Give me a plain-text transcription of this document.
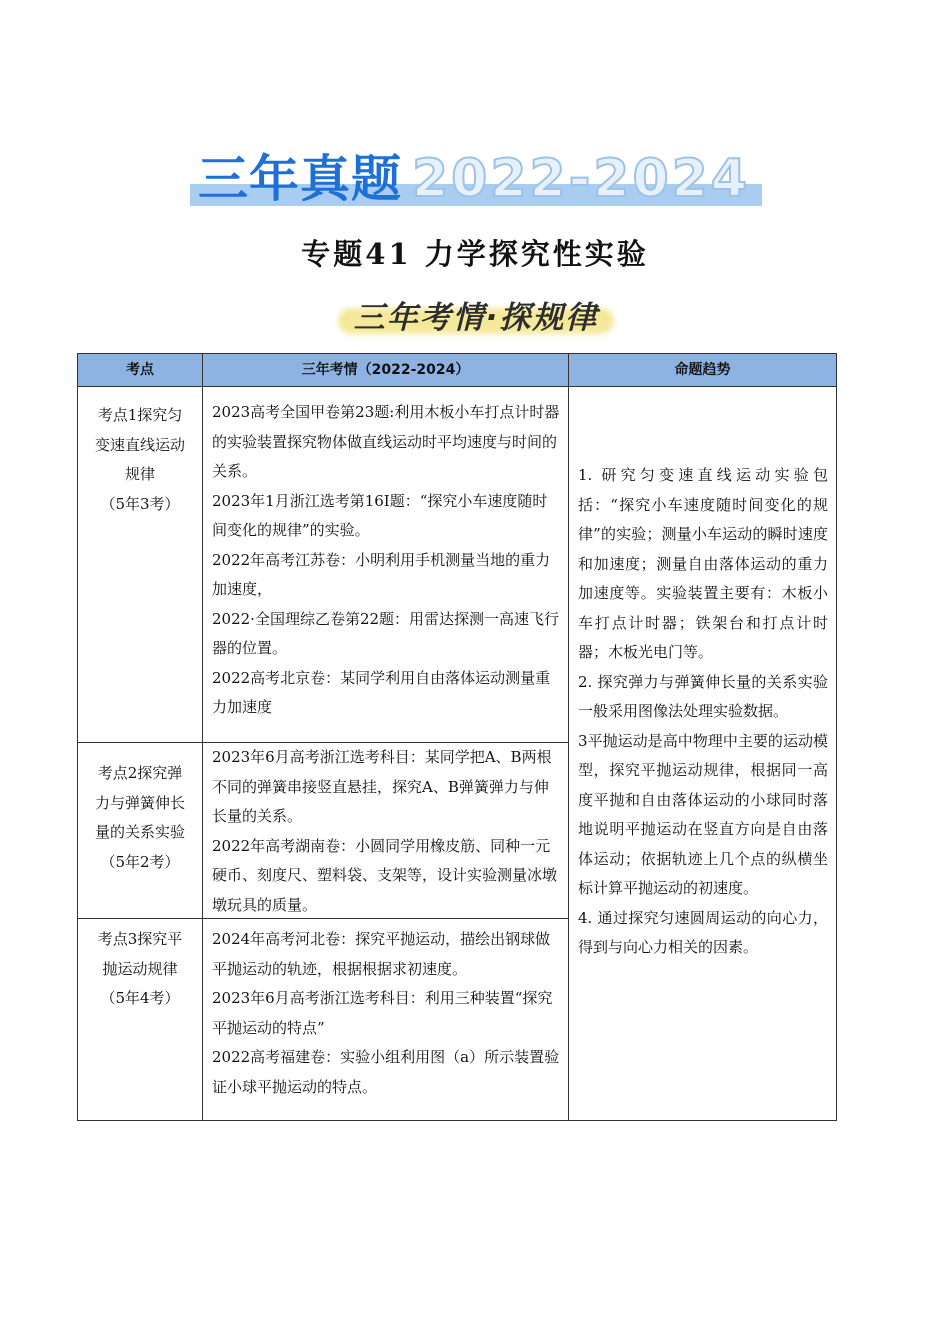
三年真题 2022-2024
专题41 力学探究性实验
三年考情·探规律
考点	三年考情（2022-2024）	命题趋势
考点1探究匀
变速直线运动
规律
（5年3考）

2023高考全国甲卷第23题:利用木板小车打点计时器的实验装置探究物体做直线运动时平均速度与时间的关系。

2023年1月浙江选考第16Ⅰ题：“探究小车速度随时间变化的规律”的实验。

2022年高考江苏卷：小明利用手机测量当地的重力加速度，

2022·全国理综乙卷第22题：用雷达探测一高速飞行器的位置。

2022高考北京卷：某同学利用自由落体运动测量重力加速度

考点2探究弹
力与弹簧伸长
量的关系实验
（5年2考）

2023年6月高考浙江选考科目：某同学把A、B两根不同的弹簧串接竖直悬挂，探究A、B弹簧弹力与伸长量的关系。

2022年高考湖南卷：小圆同学用橡皮筋、同种一元硬币、刻度尺、塑料袋、支架等，设计实验测量冰墩墩玩具的质量。

考点3探究平
抛运动规律
（5年4考）

2024年高考河北卷：探究平抛运动，描绘出钢球做平抛运动的轨迹，根据根据求初速度。

2023年6月高考浙江选考科目：利用三种装置“探究平抛运动的特点”

2022高考福建卷：实验小组利用图（a）所示装置验证小球平抛运动的特点。

1. 研究匀变速直线运动实验包括：“探究小车速度随时间变化的规律”的实验；测量小车运动的瞬时速度和加速度；测量自由落体运动的重力加速度等。实验装置主要有：木板小车打点计时器；铁架台和打点计时器；木板光电门等。

2. 探究弹力与弹簧伸长量的关系实验一般采用图像法处理实验数据。

3平抛运动是高中物理中主要的运动模型，探究平抛运动规律，根据同一高度平抛和自由落体运动的小球同时落地说明平抛运动在竖直方向是自由落体运动；依据轨迹上几个点的纵横坐标计算平抛运动的初速度。

4. 通过探究匀速圆周运动的向心力，得到与向心力相关的因素。
